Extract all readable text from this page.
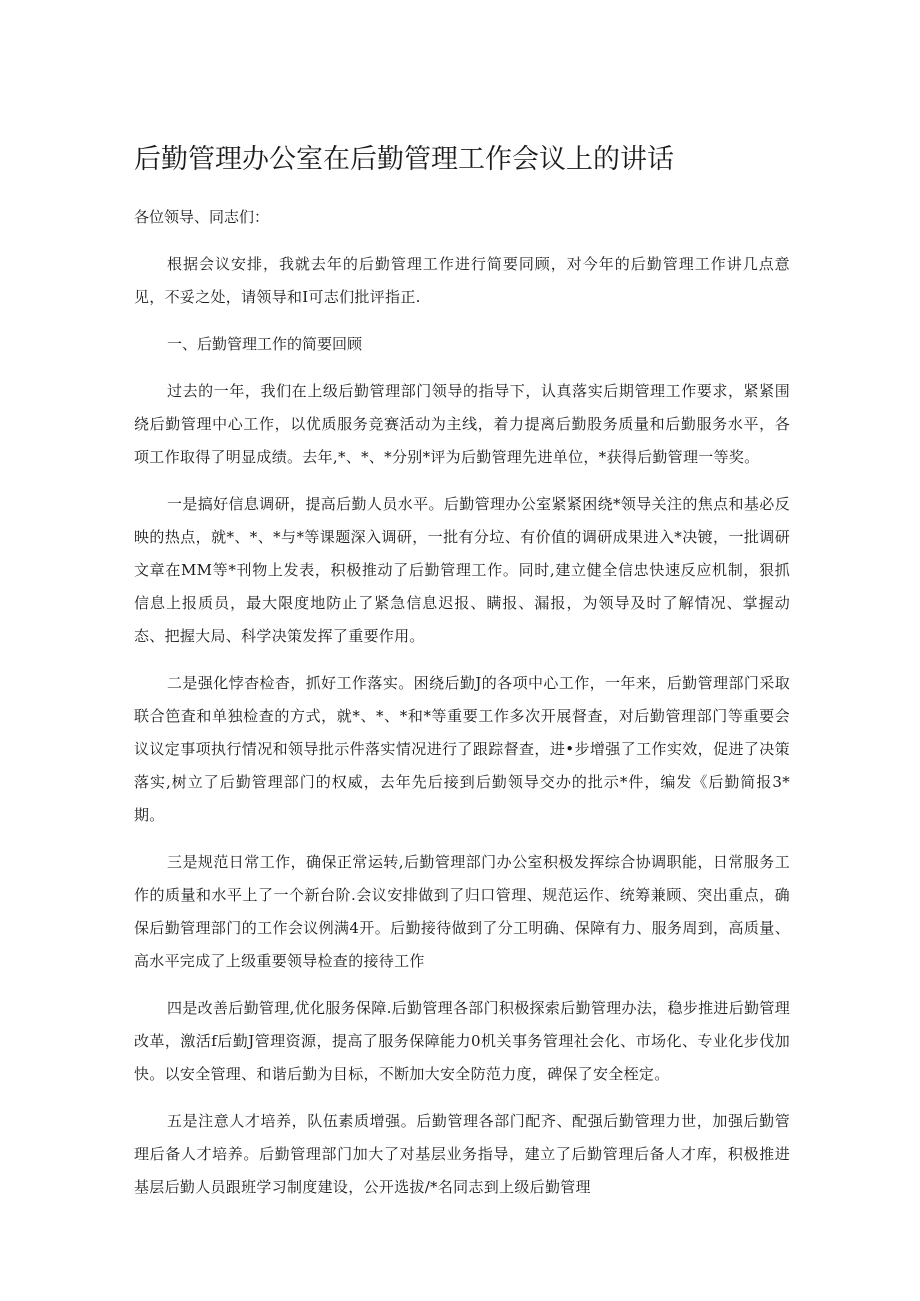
后勤管理办公室在后勤管理工作会议上的讲话

各位领导、同志们：

根据会议安排，我就去年的后勤管理工作进行简要同顾，对今年的后勤管理工作讲几点意见，不妥之处，请领导和I可志们批评指正.

一、后勤管理工作的简要回顾

过去的一年，我们在上级后勤管理部门领导的指导下，认真落实后期管理工作要求，紧紧围绕后勤管理中心工作，以优质服务竞赛活动为主线，着力提离后勤股务质量和后勤服务水平，各项工作取得了明显成绩。去年,*、*、*分别*评为后勤管理先进单位，*获得后勤管理一等奖。

一是搞好信息调研，提高后勤人员水平。后勤管理办公室紧紧困绕*领导关注的焦点和基必反映的热点，就*、*、*与*等课题深入调研，一批有分垃、有价值的调研成果进入*决镀，一批调研文章在MM等*刊物上发表，积极推动了后勤管理工作。同时,建立健全信忠快速反应机制，狠抓信息上报质员，最大限度地防止了紧急信息迟报、瞒报、漏报，为领导及时了解情况、掌握动态、把握大局、科学决策发挥了重要作用。

二是强化悖杳检杳，抓好工作落实。困绕后勤J的各项中心工作，一年来，后勤管理部门采取联合笆査和单独检查的方式，就*、*、*和*等重要工作多次开展督查，对后勤管理部门等重要会议议定事项执行情况和领导批示件落实情况进行了跟踪督查，进•步增强了工作实效，促进了决策落实,树立了后勤管理部门的权威，去年先后接到后勤领导交办的批示*件，编发《后勤简报3*期。

三是规范日常工作，确保正常运转,后勤管理部门办公室积极发挥综合协调职能，日常服务工作的质量和水平上了一个新台阶.会议安排做到了归口管理、规范运作、统筹兼顾、突出重点，确保后勤管理部门的工作会议例满4开。后勤接待做到了分工明确、保障有力、服务周到，高质量、高水平完成了上级重要领导检查的接待工作

四是改善后勤管理,优化服务保障.后勤管理各部门积极探索后勤管理办法，稳步推进后勤管理改革，激活f后勤J管理资源，提高了服务保障能力0机关事务管理社会化、市场化、专业化步伐加快。以安全管理、和谐后勤为目标，不断加大安全防范力度，碑保了安全桎定。

五是注意人才培养，队伍素质增强。后勤管理各部门配齐、配强后勤管理力世，加强后勤管理后备人才培养。后勤管理部门加大了对基层业务指导，建立了后勤管理后备人才库，积极推进基层后勤人员跟班学习制度建设，公开选拔/*名同志到上级后勤管理
